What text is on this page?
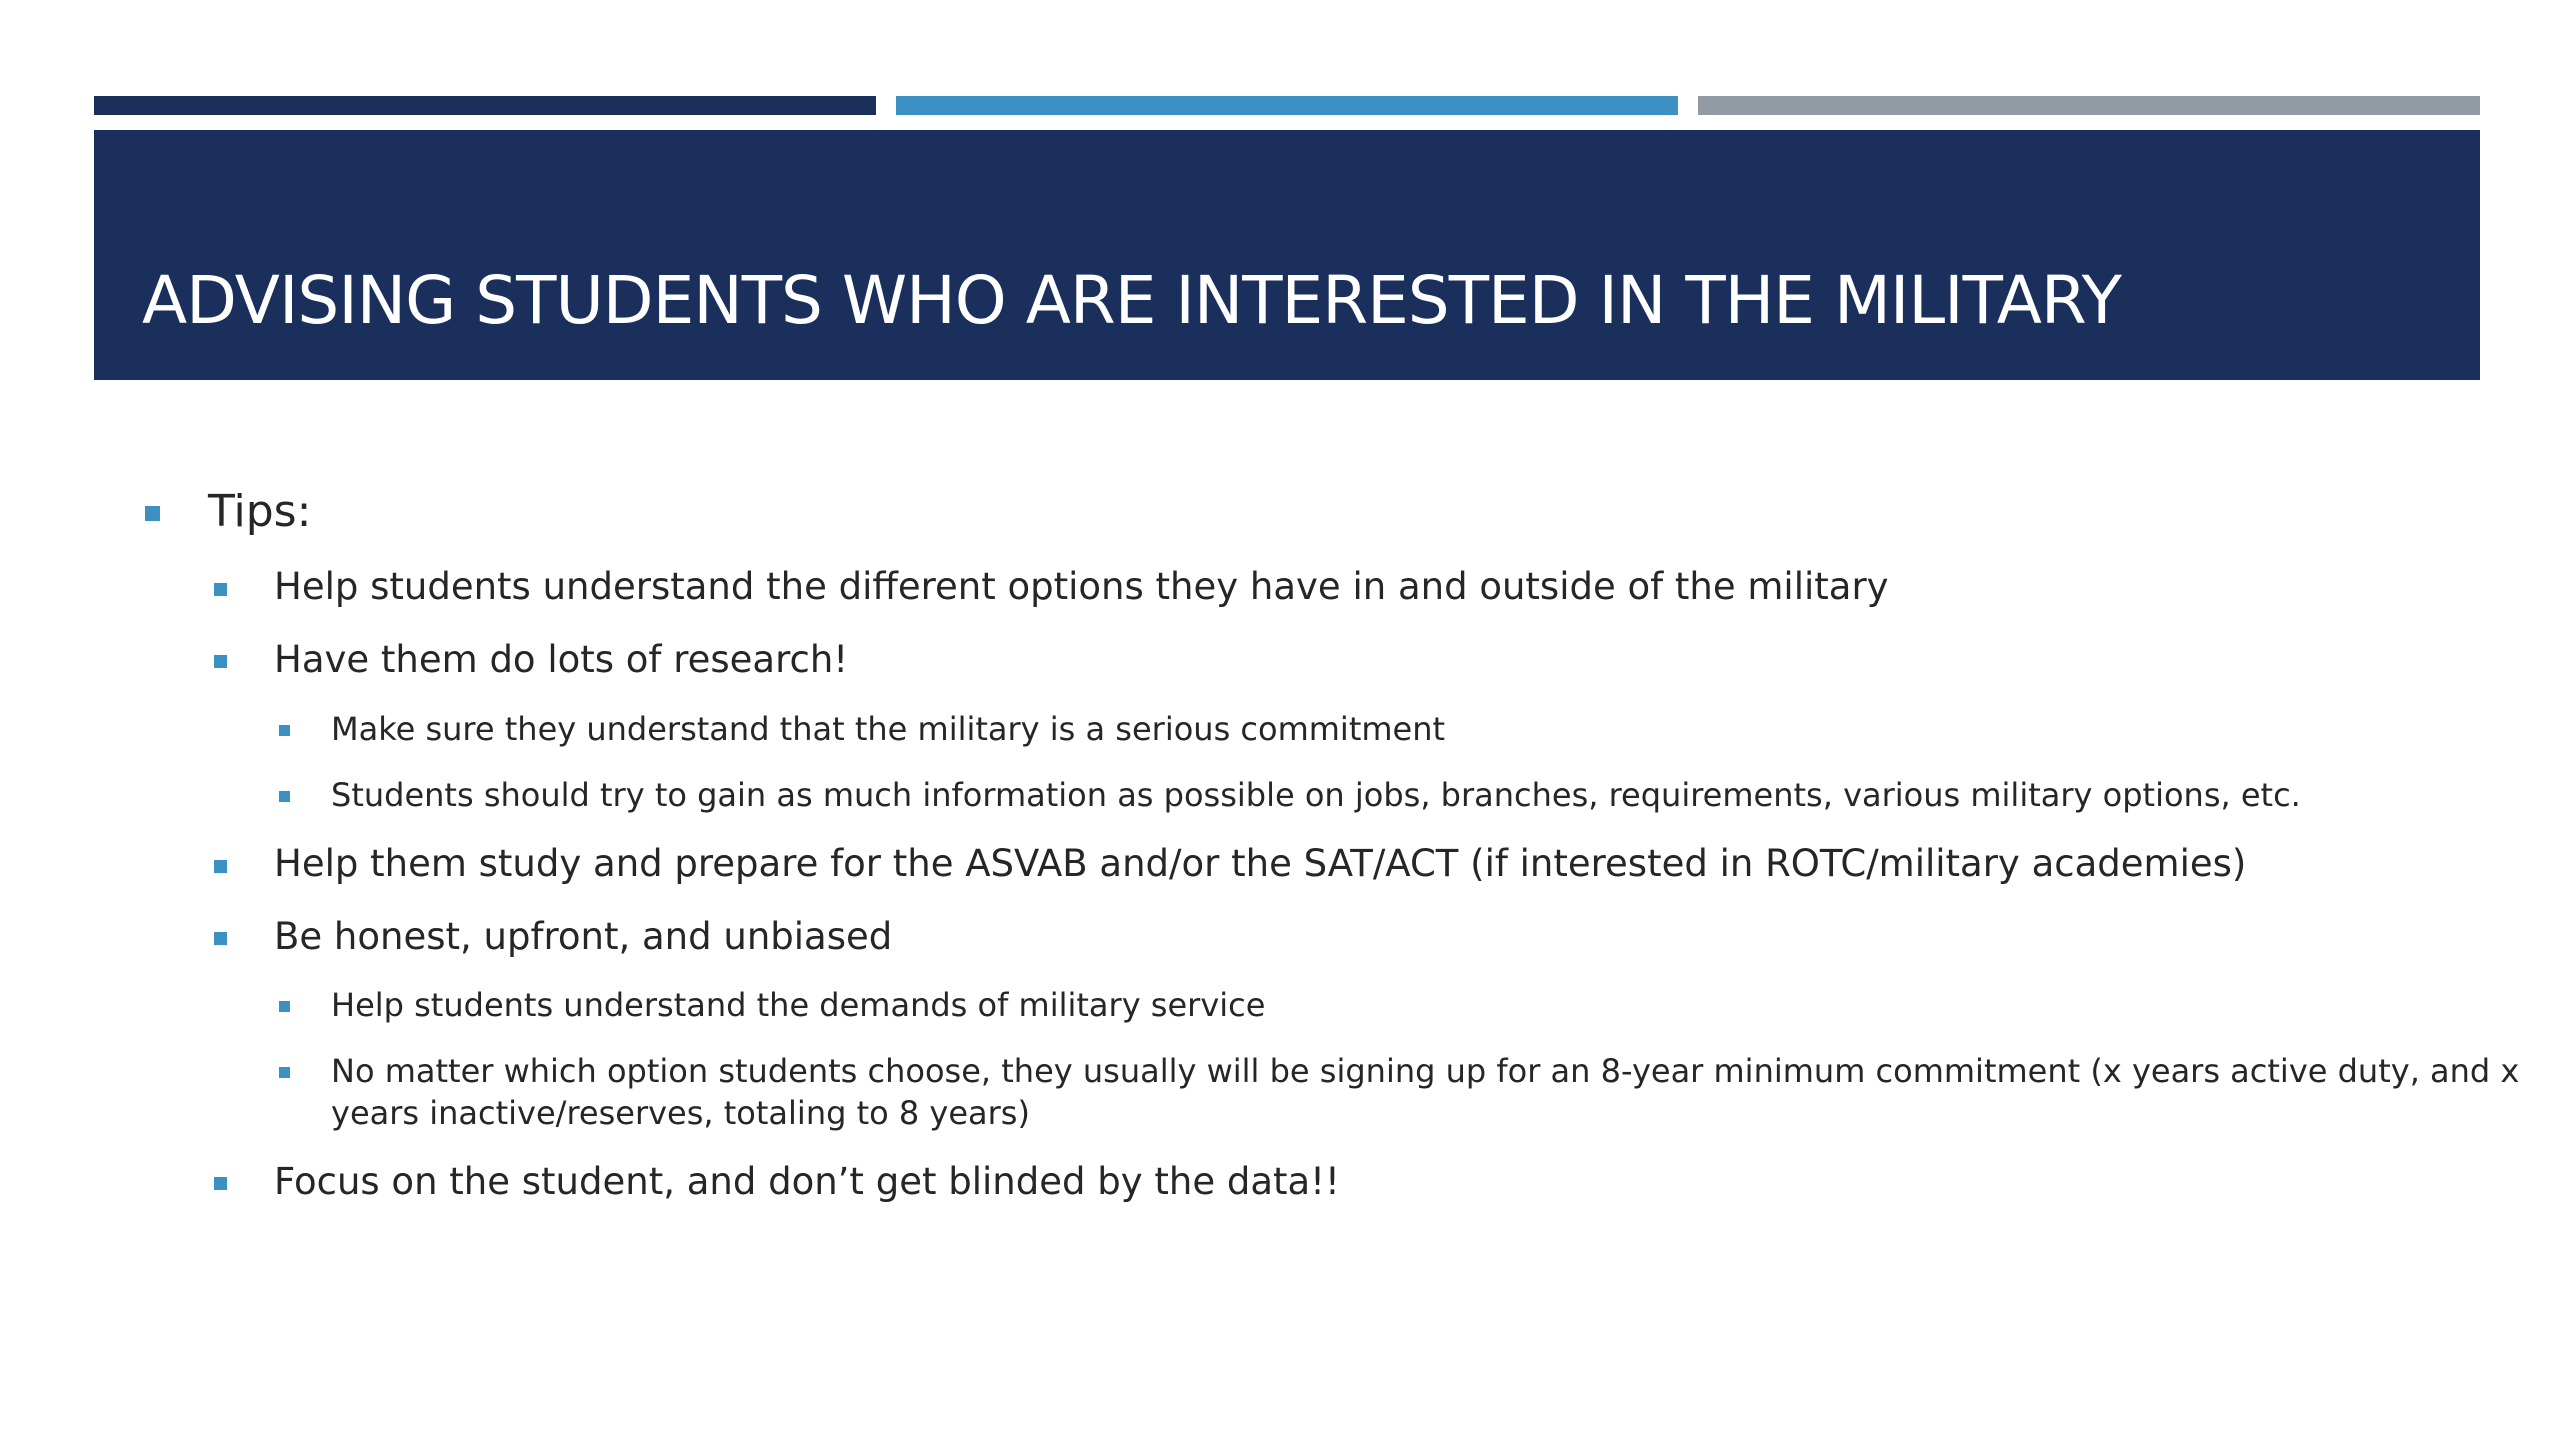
ADVISING STUDENTS WHO ARE INTERESTED IN THE MILITARY
Tips:
Help students understand the different options they have in and outside of the military
Have them do lots of research!
Make sure they understand that the military is a serious commitment
Students should try to gain as much information as possible on jobs, branches, requirements, various military options, etc.
Help them study and prepare for the ASVAB and/or the SAT/ACT (if interested in ROTC/military academies)
Be honest, upfront, and unbiased
Help students understand the demands of military service
No matter which option students choose, they usually will be signing up for an 8-year minimum commitment (x years active duty, and x years inactive/reserves, totaling to 8 years)
Focus on the student, and don’t get blinded by the data!!
